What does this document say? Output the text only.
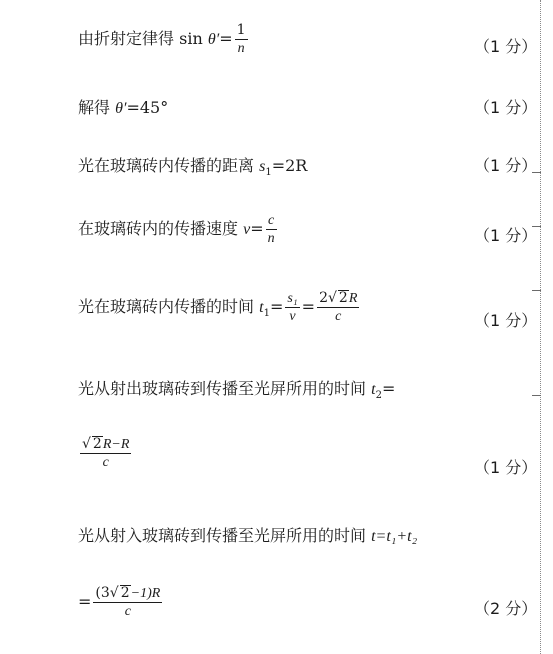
由折射定律得 $\sin \theta'= \frac{1}{n}$	（1 分）
解得 θ′=45°	（1 分）
光在玻璃砖内传播的距离 $s_1=2R$	（1 分）
在玻璃砖内的传播速度 $v= \frac{c}{n}$	（1 分）
光在玻璃砖内传播的时间 $t_1= \frac{\text{s₁}}{v} = \frac{2√ 2R}{c}$	（1 分）
光从射出玻璃砖到传播至光屏所用的时间 $t_2=$
$\frac{√ 2R-R}{c}$	（1 分）
光从射入玻璃砖到传播至光屏所用的时间 t=t₁+t₂
= $\frac{(3√ 2-1)R}{c}$	（2 分）
